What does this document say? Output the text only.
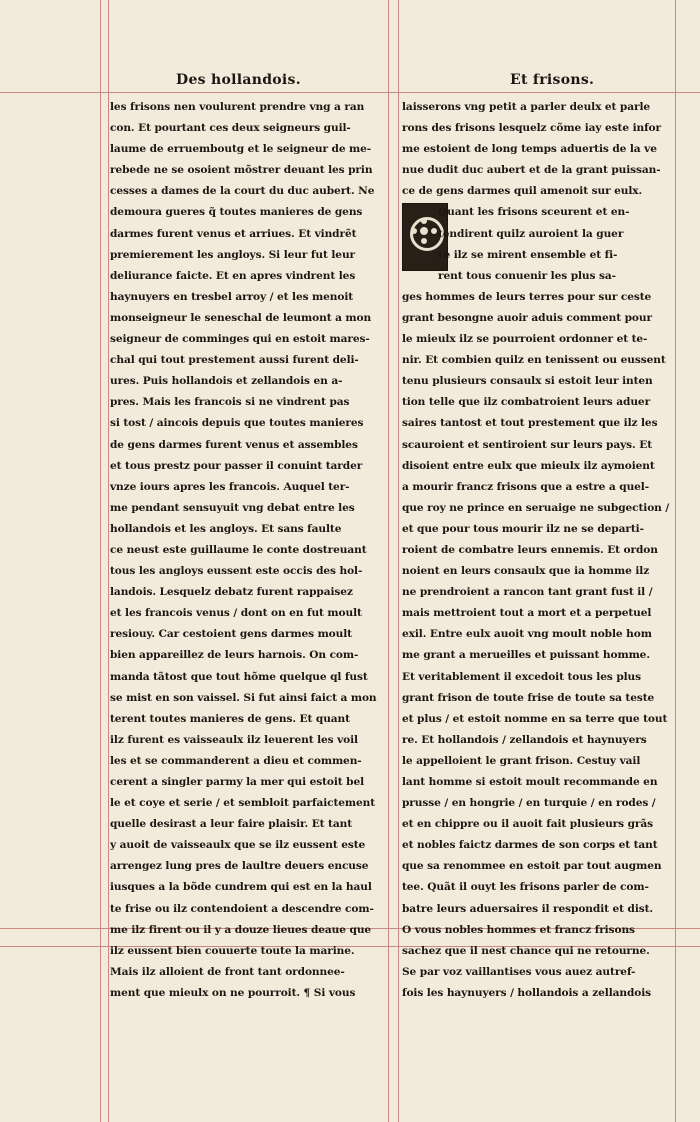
Des hollandois.	Et frisons.
les frisons nen voulurent prendre vng a ran
con. Et pourtant ces deux seigneurs guil-
laume de erruemboutg et le seigneur de me-
rebede ne se osoient mõstrer deuant les prin
cesses a dames de la court du duc aubert. Ne
demoura gueres q̃ toutes manieres de gens
darmes furent venus et arriues. Et vindrẽt
premierement les angloys. Si leur fut leur
deliurance faicte. Et en apres vindrent les
haynuyers en tresbel arroy / et les menoit
monseigneur le seneschal de leumont a mon
seigneur de comminges qui en estoit mares-
chal qui tout prestement aussi furent deli-
ures. Puis hollandois et zellandois en a-
pres. Mais les francois si ne vindrent pas
si tost / aincois depuis que toutes manieres
de gens darmes furent venus et assembles
et tous prestz pour passer il conuint tarder
vnze iours apres les francois. Auquel ter-
me pendant sensuyuit vng debat entre les
hollandois et les angloys. Et sans faulte
ce neust este guillaume le conte dostreuant
tous les angloys eussent este occis des hol-
landois. Lesquelz debatz furent rappaisez
et les francois venus / dont on en fut moult
resiouy. Car cestoient gens darmes moult
bien appareillez de leurs harnois. On com-
manda tãtost que tout hõme quelque ql fust
se mist en son vaissel. Si fut ainsi faict a mon
terent toutes manieres de gens. Et quant
ilz furent es vaisseaulx ilz leuerent les voil
les et se commanderent a dieu et commen-
cerent a singler parmy la mer qui estoit bel
le et coye et serie / et sembloit parfaictement
quelle desirast a leur faire plaisir. Et tant
y auoit de vaisseaulx que se ilz eussent este
arrengez lung pres de laultre deuers encuse
iusques a la bõde cundrem qui est en la haul
te frise ou ilz contendoient a descendre com-
me ilz firent ou il y a douze lieues deaue que
ilz eussent bien couuerte toute la marine.
Mais ilz alloient de front tant ordonnee-
ment que mieulx on ne pourroit. ¶ Si vous
laisserons vng petit a parler deulx et parle
rons des frisons lesquelz cõme iay este infor
me estoient de long temps aduertis de la ve
nue dudit duc aubert et de la grant puissan-
ce de gens darmes quil amenoit sur eulx.
Quant les frisons sceurent et en-
tendirent quilz auroient la guer
re ilz se mirent ensemble et fi-
rent tous conuenir les plus sa-
ges hommes de leurs terres pour sur ceste
grant besongne auoir aduis comment pour
le mieulx ilz se pourroient ordonner et te-
nir. Et combien quilz en tenissent ou eussent
tenu plusieurs consaulx si estoit leur inten
tion telle que ilz combatroient leurs aduer
saires tantost et tout prestement que ilz les
scauroient et sentiroient sur leurs pays. Et
disoient entre eulx que mieulx ilz aymoient
a mourir francz frisons que a estre a quel-
que roy ne prince en seruaige ne subgection /
et que pour tous mourir ilz ne se departi-
roient de combatre leurs ennemis. Et ordon
noient en leurs consaulx que ia homme ilz
ne prendroient a rancon tant grant fust il /
mais mettroient tout a mort et a perpetuel
exil. Entre eulx auoit vng moult noble hom
me grant a merueilles et puissant homme.
Et veritablement il excedoit tous les plus
grant frison de toute frise de toute sa teste
et plus / et estoit nomme en sa terre que tout
re. Et hollandois / zellandois et haynuyers
le appelloient le grant frison. Cestuy vail
lant homme si estoit moult recommande en
prusse / en hongrie / en turquie / en rodes /
et en chippre ou il auoit fait plusieurs grãs
et nobles faictz darmes de son corps et tant
que sa renommee en estoit par tout augmen
tee. Quãt il ouyt les frisons parler de com-
batre leurs aduersaires il respondit et dist.
O vous nobles hommes et francz frisons
sachez que il nest chance qui ne retourne.
Se par voz vaillantises vous auez autref-
fois les haynuyers / hollandois a zellandois
